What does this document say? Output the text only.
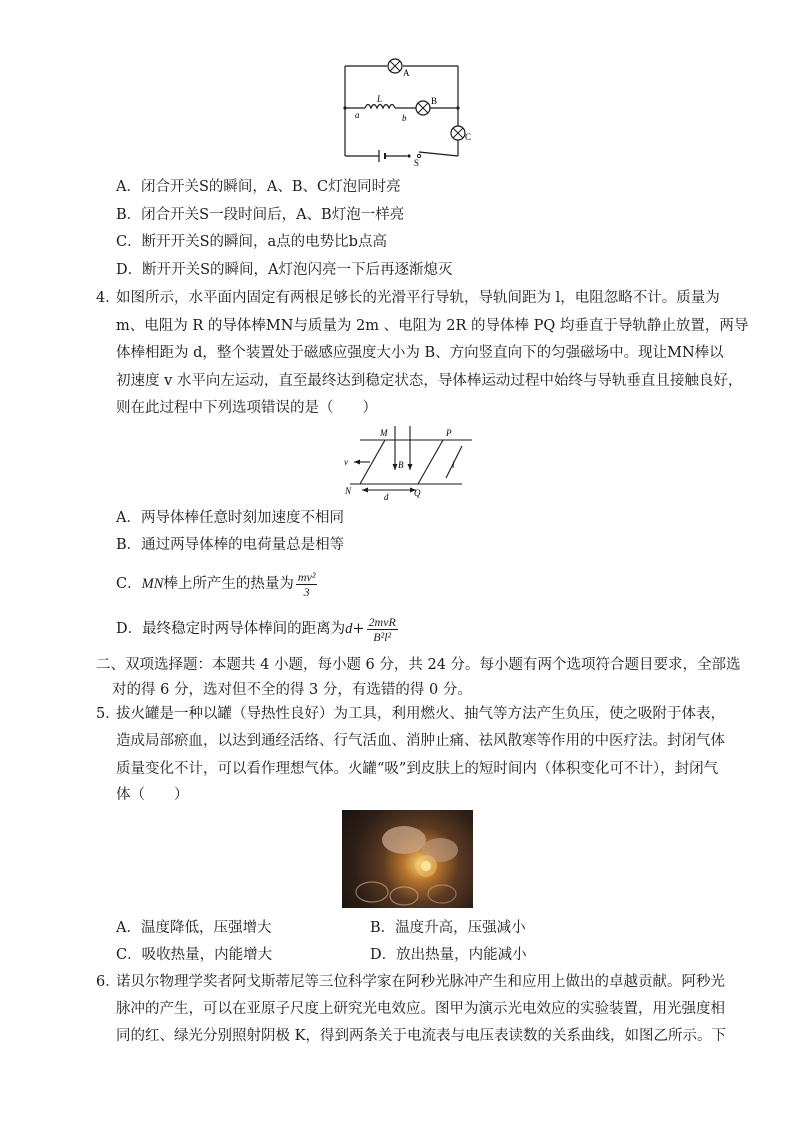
A
B
C
L
a	b
S
A．闭合开关S的瞬间，A、B、C灯泡同时亮
B．闭合开关S一段时间后，A、B灯泡一样亮
C．断开开关S的瞬间，a点的电势比b点高
D．断开开关S的瞬间，A灯泡闪亮一下后再逐渐熄灭
4．
如图所示，水平面内固定有两根足够长的光滑平行导轨，导轨间距为 l，电阻忽略不计。质量为
m、电阻为 R 的导体棒MN与质量为 2m 、电阻为 2R 的导体棒 PQ 均垂直于导轨静止放置，两导
体棒相距为 d，整个装置处于磁感应强度大小为 B、方向竖直向下的匀强磁场中。现让MN棒以
初速度 v 水平向左运动，直至最终达到稳定状态，导体棒运动过程中始终与导轨垂直且接触良好，
则在此过程中下列选项错误的是（　　）
M
N
P
Q
B
v	l
d
A．两导体棒任意时刻加速度不相同
B．通过两导体棒的电荷量总是相等
C．MN棒上所产生的热量为 $\frac{\text{mv²}}{3}$
D．最终稳定时两导体棒间的距离为$d+ \frac{\text{2mvR}}{\text{B²l²}}$
二、双项选择题：本题共 4 小题，每小题 6 分，共 24 分。每小题有两个选项符合题目要求，全部选
对的得 6 分，选对但不全的得 3 分，有选错的得 0 分。
5．
拔火罐是一种以罐（导热性良好）为工具，利用燃火、抽气等方法产生负压，使之吸附于体表，
造成局部瘀血，以达到通经活络、行气活血、消肿止痛、祛风散寒等作用的中医疗法。封闭气体
质量变化不计，可以看作理想气体。火罐“吸”到皮肤上的短时间内（体积变化可不计），封闭气
体（　　）
A．温度降低，压强增大	B．温度升高，压强减小
C．吸收热量，内能增大	D．放出热量，内能减小
6．
诺贝尔物理学奖者阿戈斯蒂尼等三位科学家在阿秒光脉冲产生和应用上做出的卓越贡献。阿秒光
脉冲的产生，可以在亚原子尺度上研究光电效应。图甲为演示光电效应的实验装置，用光强度相
同的红、绿光分别照射阴极 K，得到两条关于电流表与电压表读数的关系曲线，如图乙所示。下
